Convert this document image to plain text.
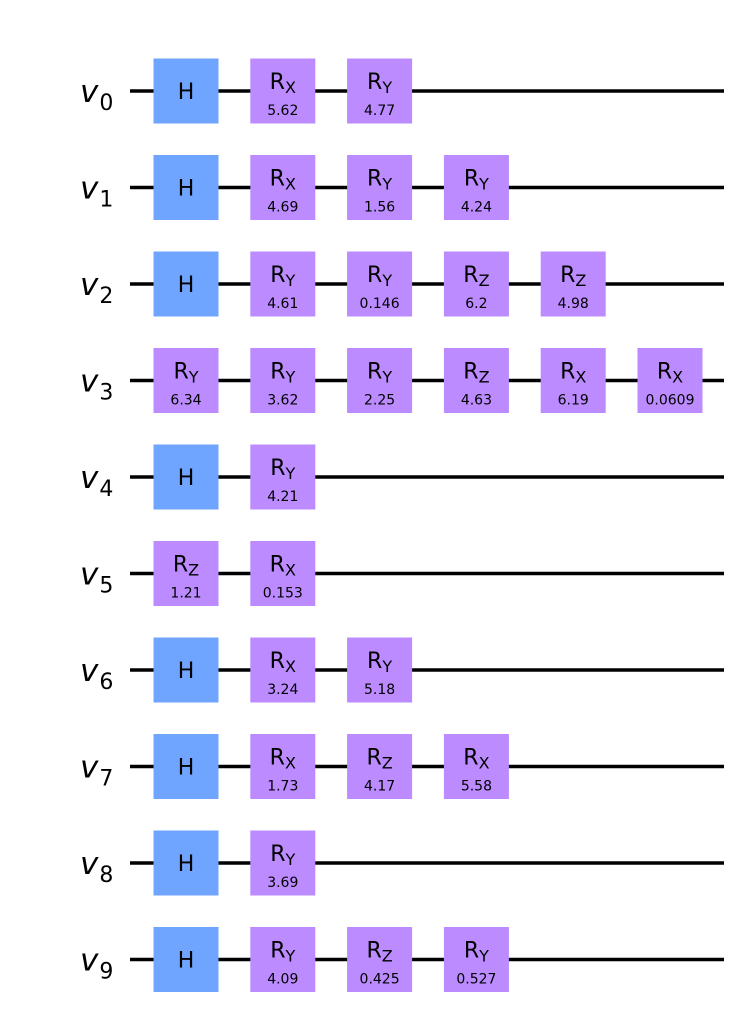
H	RX
5.62
RY
4.77
H	RX
4.69
RY
1.56
RY
4.24
H	RY
4.61
RY
0.146
RZ
6.2
RZ
4.98
RY
6.34
RY
3.62
RY
2.25
RZ
4.63
RX
6.19
RX
0.0609
H	RY
4.21
RZ
1.21
RX
0.153
H	RX
3.24
RY
5.18
H	RX
1.73
RZ
4.17
RX
5.58
H	RY
3.69
H	RY
4.09
RZ
0.425
RY
0.527
v0
v1
v2
v3
v4
v5
v6
v7
v8
v9
